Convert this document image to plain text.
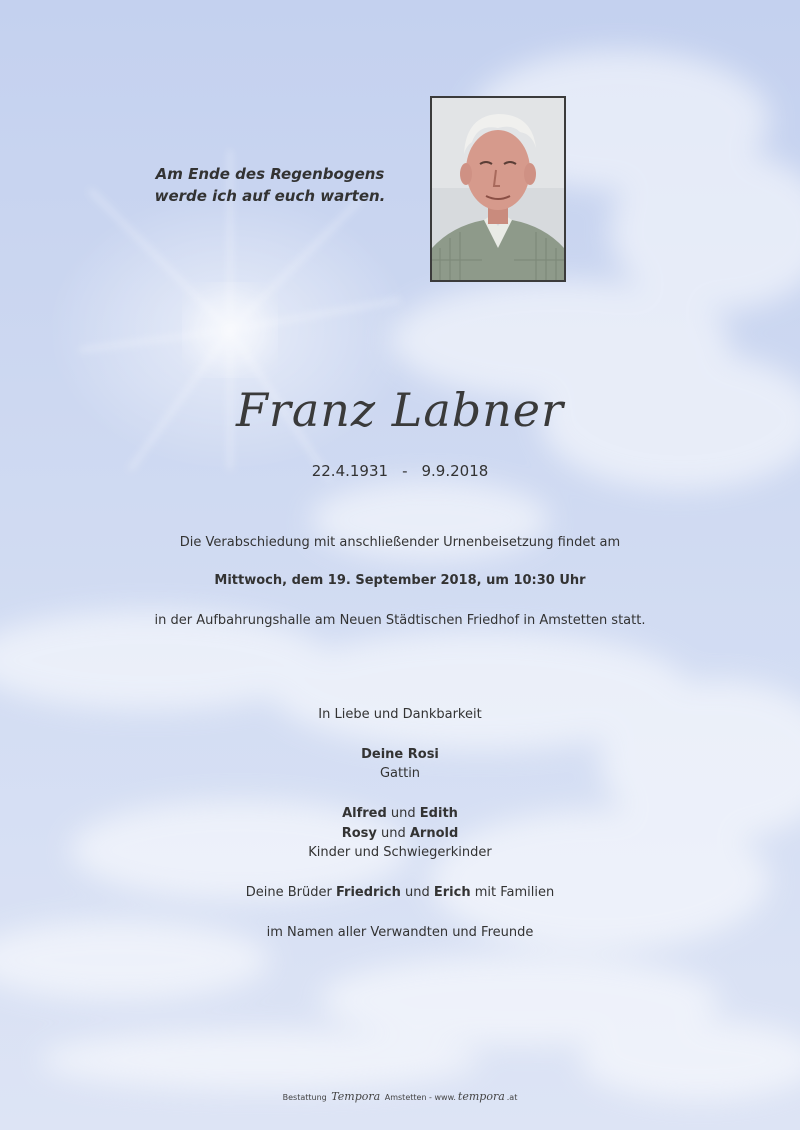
Am Ende des Regenbogens
werde ich auf euch warten.
Franz Labner
22.4.1931 - 9.9.2018
Die Verabschiedung mit anschließender Urnenbeisetzung findet am
Mittwoch, dem 19. September 2018, um 10:30 Uhr
in der Aufbahrungshalle am Neuen Städtischen Friedhof in Amstetten statt.
In Liebe und Dankbarkeit
Deine Rosi
Gattin
Alfred und Edith
Rosy und Arnold
Kinder und Schwiegerkinder
Deine Brüder Friedrich und Erich mit Familien
im Namen aller Verwandten und Freunde
Bestattung Tempora Amstetten - www. tempora .at
